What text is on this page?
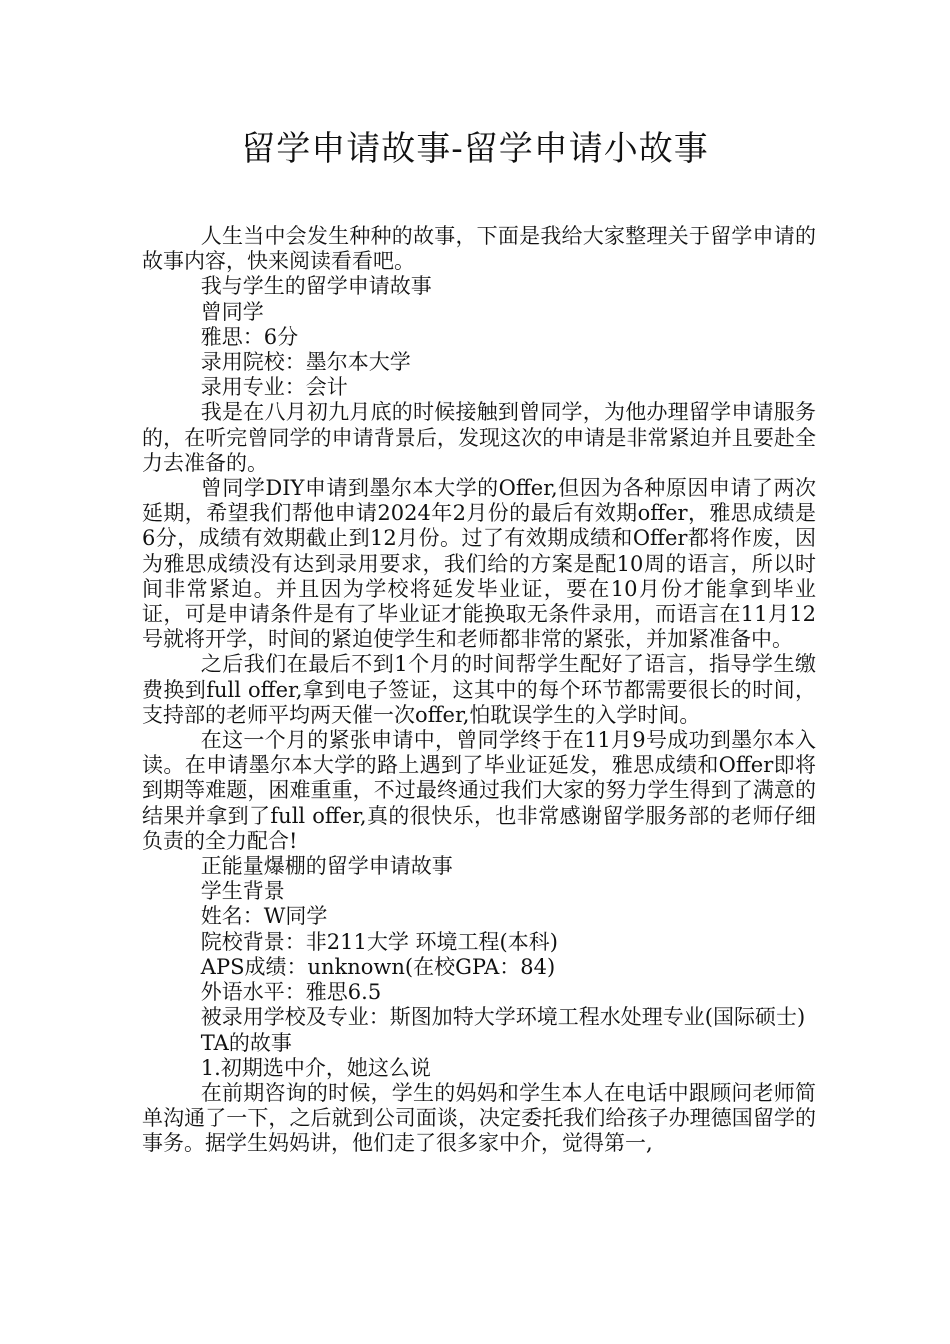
留学申请故事-留学申请小故事

人生当中会发生种种的故事，下面是我给大家整理关于留学申请的故事内容，快来阅读看看吧。

我与学生的留学申请故事

曾同学

雅思：6分

录用院校：墨尔本大学

录用专业：会计

我是在八月初九月底的时候接触到曾同学，为他办理留学申请服务的，在听完曾同学的申请背景后，发现这次的申请是非常紧迫并且要赴全力去准备的。

曾同学DIY申请到墨尔本大学的Offer,但因为各种原因申请了两次延期，希望我们帮他申请2024年2月份的最后有效期offer，雅思成绩是6分，成绩有效期截止到12月份。过了有效期成绩和Offer都将作废，因为雅思成绩没有达到录用要求，我们给的方案是配10周的语言，所以时间非常紧迫。并且因为学校将延发毕业证，要在10月份才能拿到毕业证，可是申请条件是有了毕业证才能换取无条件录用，而语言在11月12号就将开学，时间的紧迫使学生和老师都非常的紧张，并加紧准备中。

之后我们在最后不到1个月的时间帮学生配好了语言，指导学生缴费换到full offer,拿到电子签证，这其中的每个环节都需要很长的时间，支持部的老师平均两天催一次offer,怕耽误学生的入学时间。

在这一个月的紧张申请中，曾同学终于在11月9号成功到墨尔本入读。在申请墨尔本大学的路上遇到了毕业证延发，雅思成绩和Offer即将到期等难题，困难重重，不过最终通过我们大家的努力学生得到了满意的结果并拿到了full offer,真的很快乐，也非常感谢留学服务部的老师仔细负责的全力配合!

正能量爆棚的留学申请故事

学生背景

姓名：W同学

院校背景：非211大学 环境工程(本科)

APS成绩：unknown(在校GPA：84)

外语水平：雅思6.5

被录用学校及专业：斯图加特大学环境工程水处理专业(国际硕士)

TA的故事

1.初期选中介，她这么说

在前期咨询的时候，学生的妈妈和学生本人在电话中跟顾问老师简单沟通了一下，之后就到公司面谈，决定委托我们给孩子办理德国留学的事务。据学生妈妈讲，他们走了很多家中介，觉得第一,
